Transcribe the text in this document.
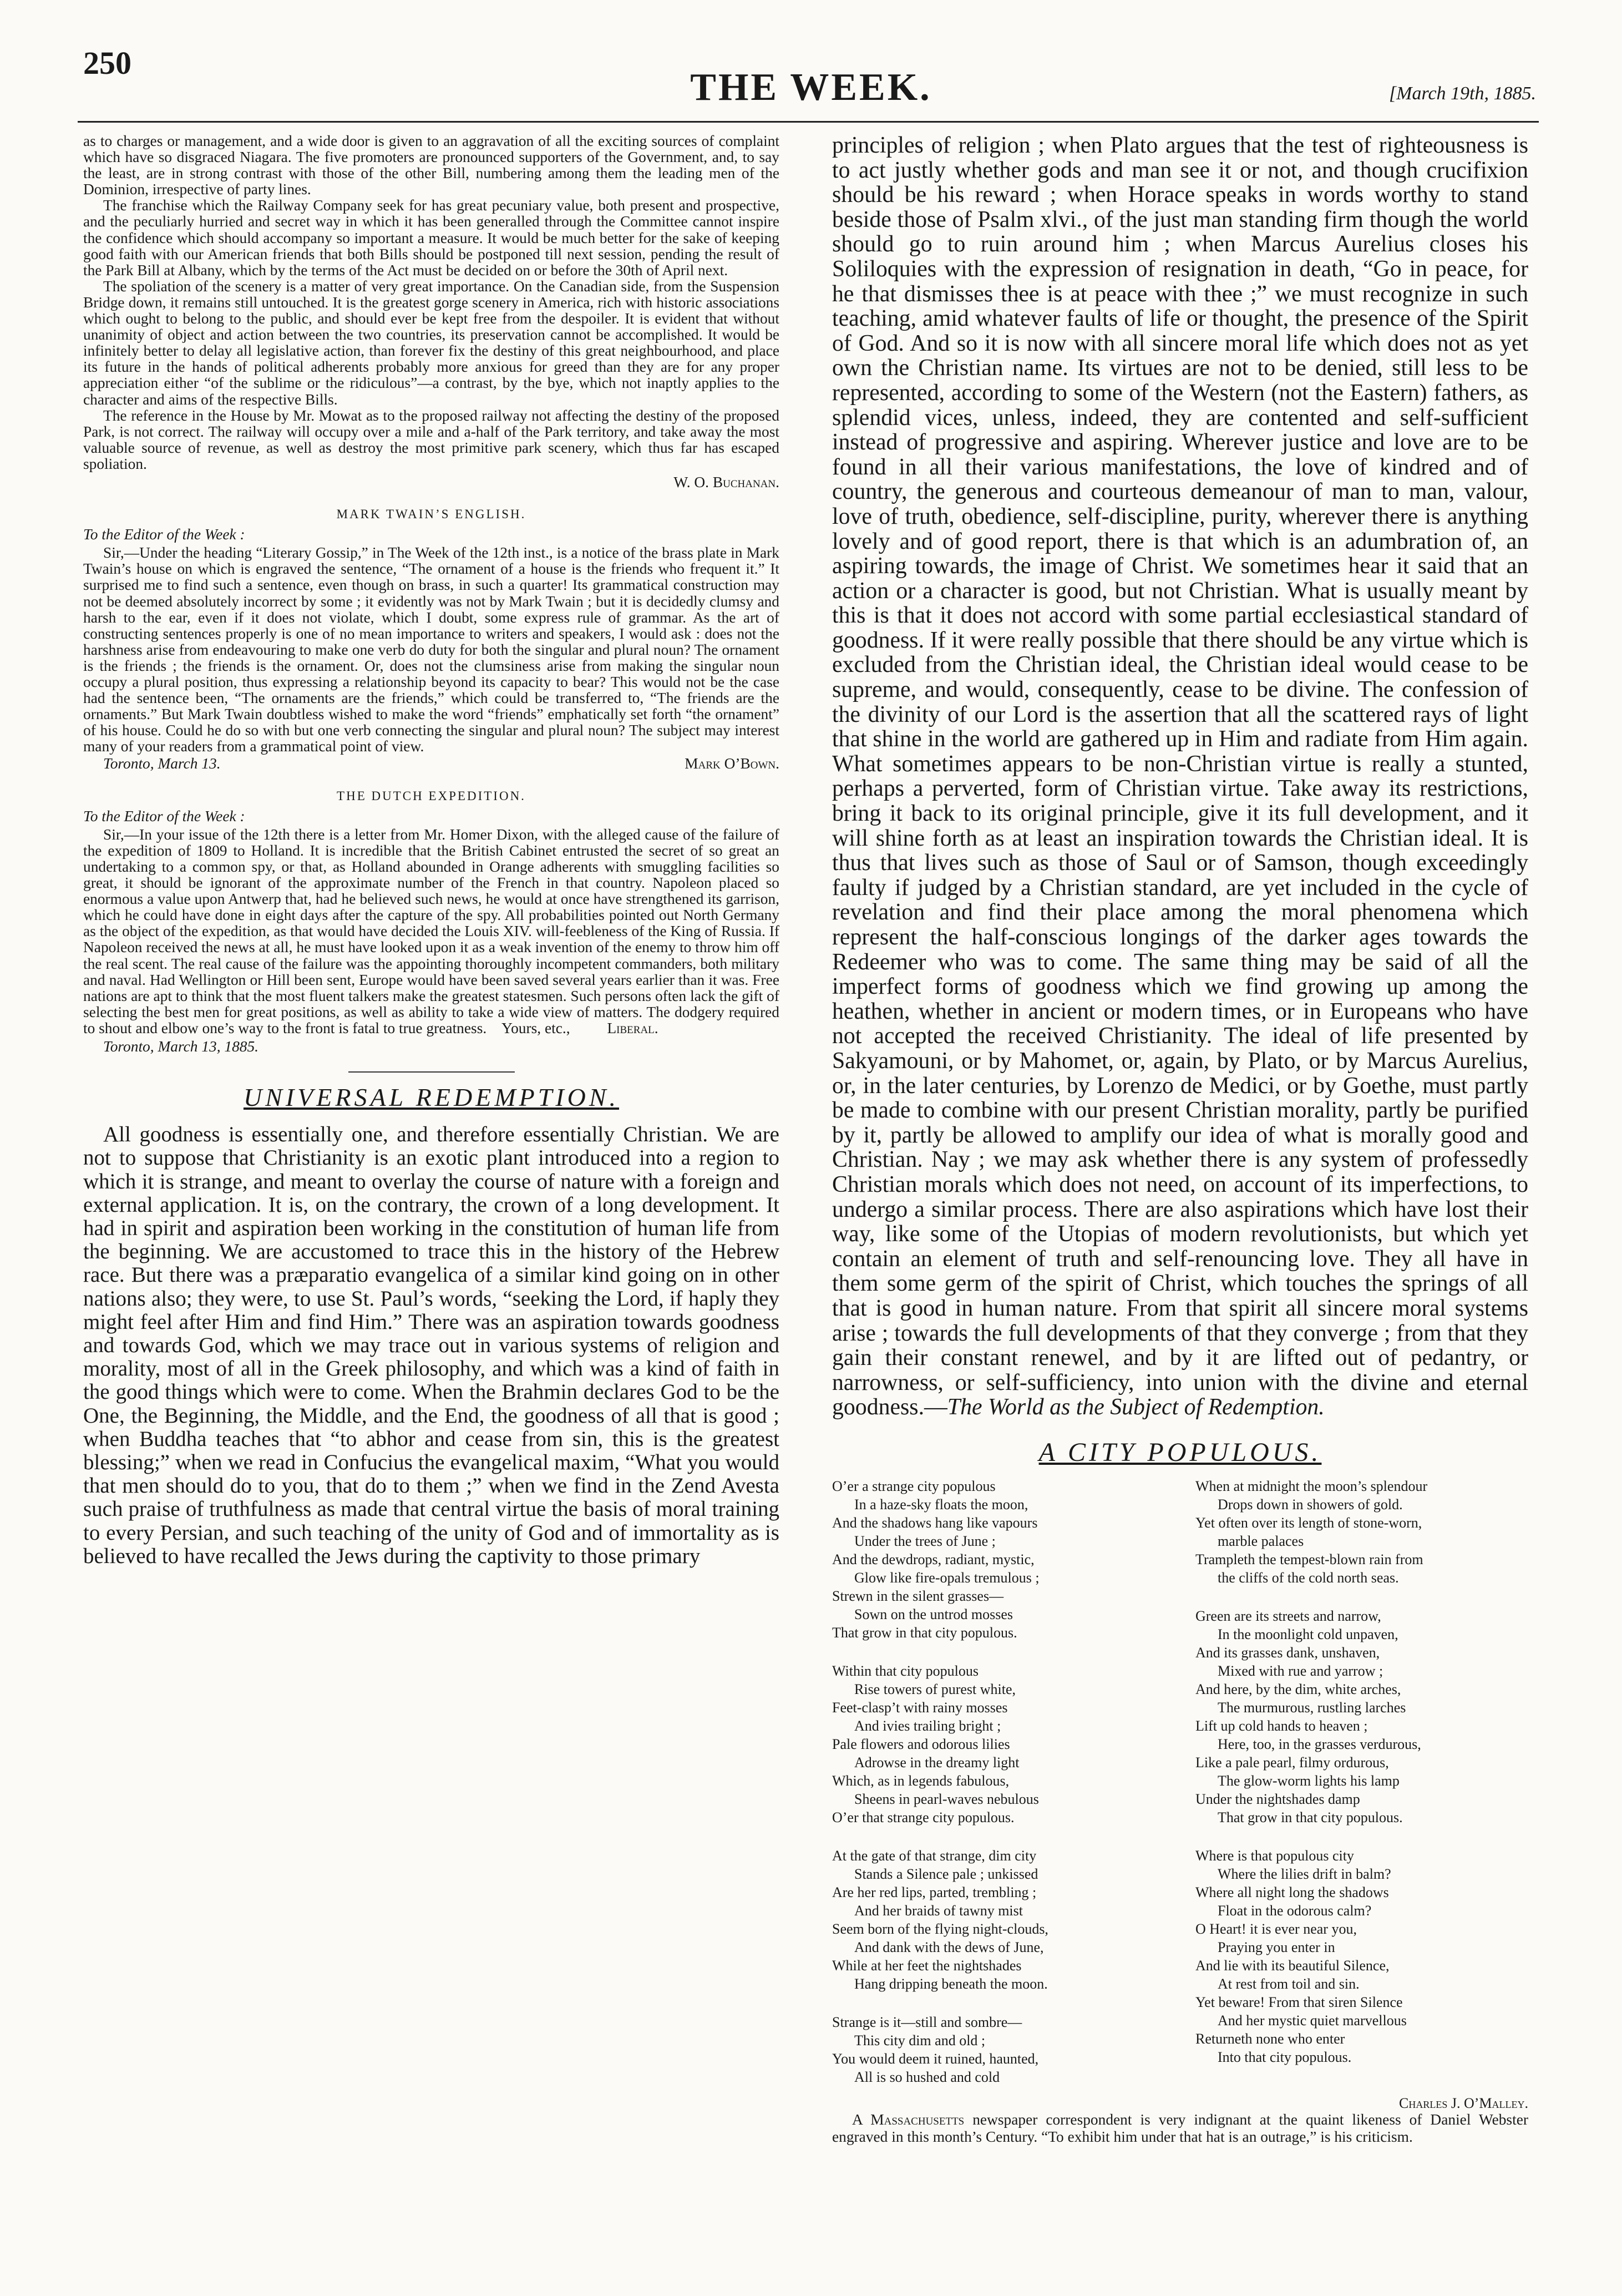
250
THE WEEK.	[March 19th, 1885.

as to charges or management, and a wide door is given to an aggravation of all the exciting sources of complaint which have so disgraced Niagara. The five promoters are pronounced supporters of the Government, and, to say the least, are in strong contrast with those of the other Bill, numbering among them the leading men of the Dominion, irrespective of party lines.

The franchise which the Railway Company seek for has great pecuniary value, both present and prospective, and the peculiarly hurried and secret way in which it has been generalled through the Committee cannot inspire the confidence which should accompany so important a measure. It would be much better for the sake of keeping good faith with our American friends that both Bills should be postponed till next session, pending the result of the Park Bill at Albany, which by the terms of the Act must be decided on or before the 30th of April next.

The spoliation of the scenery is a matter of very great importance. On the Canadian side, from the Suspension Bridge down, it remains still untouched. It is the greatest gorge scenery in America, rich with historic associations which ought to belong to the public, and should ever be kept free from the despoiler. It is evident that without unanimity of object and action between the two countries, its preservation cannot be accomplished. It would be infinitely better to delay all legislative action, than forever fix the destiny of this great neighbourhood, and place its future in the hands of political adherents probably more anxious for greed than they are for any proper appreciation either “of the sublime or the ridiculous”—a contrast, by the bye, which not inaptly applies to the character and aims of the respective Bills.

The reference in the House by Mr. Mowat as to the proposed railway not affecting the destiny of the proposed Park, is not correct. The railway will occupy over a mile and a-half of the Park territory, and take away the most valuable source of revenue, as well as destroy the most primitive park scenery, which thus far has escaped spoliation.

W. O. Buchanan.
MARK TWAIN’S ENGLISH.
To the Editor of the Week :

Sir,—Under the heading “Literary Gossip,” in The Week of the 12th inst., is a notice of the brass plate in Mark Twain’s house on which is engraved the sentence, “The ornament of a house is the friends who frequent it.” It surprised me to find such a sentence, even though on brass, in such a quarter! Its grammatical construction may not be deemed absolutely incorrect by some ; it evidently was not by Mark Twain ; but it is decidedly clumsy and harsh to the ear, even if it does not violate, which I doubt, some express rule of grammar. As the art of constructing sentences properly is one of no mean importance to writers and speakers, I would ask : does not the harshness arise from endeavouring to make one verb do duty for both the singular and plural noun? The ornament is the friends ; the friends is the ornament. Or, does not the clumsiness arise from making the singular noun occupy a plural position, thus expressing a relationship beyond its capacity to bear? This would not be the case had the sentence been, “The ornaments are the friends,” which could be transferred to, “The friends are the ornaments.” But Mark Twain doubtless wished to make the word “friends” emphatically set forth “the ornament” of his house. Could he do so with but one verb connecting the singular and plural noun? The subject may interest many of your readers from a grammatical point of view.

Toronto, March 13.	Mark O’Bown.
THE DUTCH EXPEDITION.
To the Editor of the Week :

Sir,—In your issue of the 12th there is a letter from Mr. Homer Dixon, with the alleged cause of the failure of the expedition of 1809 to Holland. It is incredible that the British Cabinet entrusted the secret of so great an undertaking to a common spy, or that, as Holland abounded in Orange adherents with smuggling facilities so great, it should be ignorant of the approximate number of the French in that country. Napoleon placed so enormous a value upon Antwerp that, had he believed such news, he would at once have strengthened its garrison, which he could have done in eight days after the capture of the spy. All probabilities pointed out North Germany as the object of the expedition, as that would have decided the Louis XIV. will-feebleness of the King of Russia. If Napoleon received the news at all, he must have looked upon it as a weak invention of the enemy to throw him off the real scent. The real cause of the failure was the appointing thoroughly incompetent commanders, both military and naval. Had Wellington or Hill been sent, Europe would have been saved several years earlier than it was. Free nations are apt to think that the most fluent talkers make the greatest statesmen. Such persons often lack the gift of selecting the best men for great positions, as well as ability to take a wide view of matters. The dodgery required to shout and elbow one’s way to the front is fatal to true greatness. Yours, etc., Liberal.

Toronto, March 13, 1885.
UNIVERSAL REDEMPTION.

All goodness is essentially one, and therefore essentially Christian. We are not to suppose that Christianity is an exotic plant introduced into a region to which it is strange, and meant to overlay the course of nature with a foreign and external application. It is, on the contrary, the crown of a long development. It had in spirit and aspiration been working in the constitution of human life from the beginning. We are accustomed to trace this in the history of the Hebrew race. But there was a præparatio evangelica of a similar kind going on in other nations also; they were, to use St. Paul’s words, “seeking the Lord, if haply they might feel after Him and find Him.” There was an aspiration towards goodness and towards God, which we may trace out in various systems of religion and morality, most of all in the Greek philosophy, and which was a kind of faith in the good things which were to come. When the Brahmin declares God to be the One, the Beginning, the Middle, and the End, the goodness of all that is good ; when Buddha teaches that “to abhor and cease from sin, this is the greatest blessing;” when we read in Confucius the evangelical maxim, “What you would that men should do to you, that do to them ;” when we find in the Zend Avesta such praise of truthfulness as made that central virtue the basis of moral training to every Persian, and such teaching of the unity of God and of immortality as is believed to have recalled the Jews during the captivity to those primary

principles of religion ; when Plato argues that the test of righteousness is to act justly whether gods and man see it or not, and though crucifixion should be his reward ; when Horace speaks in words worthy to stand beside those of Psalm xlvi., of the just man standing firm though the world should go to ruin around him ; when Marcus Aurelius closes his Soliloquies with the expression of resignation in death, “Go in peace, for he that dismisses thee is at peace with thee ;” we must recognize in such teaching, amid whatever faults of life or thought, the presence of the Spirit of God. And so it is now with all sincere moral life which does not as yet own the Christian name. Its virtues are not to be denied, still less to be represented, according to some of the Western (not the Eastern) fathers, as splendid vices, unless, indeed, they are contented and self-sufficient instead of progressive and aspiring. Wherever justice and love are to be found in all their various manifestations, the love of kindred and of country, the generous and courteous demeanour of man to man, valour, love of truth, obedience, self-discipline, purity, wherever there is anything lovely and of good report, there is that which is an adumbration of, an aspiring towards, the image of Christ. We sometimes hear it said that an action or a character is good, but not Christian. What is usually meant by this is that it does not accord with some partial ecclesiastical standard of goodness. If it were really possible that there should be any virtue which is excluded from the Christian ideal, the Christian ideal would cease to be supreme, and would, consequently, cease to be divine. The confession of the divinity of our Lord is the assertion that all the scattered rays of light that shine in the world are gathered up in Him and radiate from Him again. What sometimes appears to be non-Christian virtue is really a stunted, perhaps a perverted, form of Christian virtue. Take away its restrictions, bring it back to its original principle, give it its full development, and it will shine forth as at least an inspiration towards the Christian ideal. It is thus that lives such as those of Saul or of Samson, though exceedingly faulty if judged by a Christian standard, are yet included in the cycle of revelation and find their place among the moral phenomena which represent the half-conscious longings of the darker ages towards the Redeemer who was to come. The same thing may be said of all the imperfect forms of goodness which we find growing up among the heathen, whether in ancient or modern times, or in Europeans who have not accepted the received Christianity. The ideal of life presented by Sakyamouni, or by Mahomet, or, again, by Plato, or by Marcus Aurelius, or, in the later centuries, by Lorenzo de Medici, or by Goethe, must partly be made to combine with our present Christian morality, partly be purified by it, partly be allowed to amplify our idea of what is morally good and Christian. Nay ; we may ask whether there is any system of professedly Christian morals which does not need, on account of its imperfections, to undergo a similar process. There are also aspirations which have lost their way, like some of the Utopias of modern revolutionists, but which yet contain an element of truth and self-renouncing love. They all have in them some germ of the spirit of Christ, which touches the springs of all that is good in human nature. From that spirit all sincere moral systems arise ; towards the full developments of that they converge ; from that they gain their constant renewel, and by it are lifted out of pedantry, or narrowness, or self-sufficiency, into union with the divine and eternal goodness.—The World as the Subject of Redemption.

A CITY POPULOUS.
O’er a strange city populous
In a haze-sky floats the moon,
And the shadows hang like vapours
Under the trees of June ;
And the dewdrops, radiant, mystic,
Glow like fire-opals tremulous ;
Strewn in the silent grasses—
Sown on the untrod mosses
That grow in that city populous.
Within that city populous
Rise towers of purest white,
Feet-clasp’t with rainy mosses
And ivies trailing bright ;
Pale flowers and odorous lilies
Adrowse in the dreamy light
Which, as in legends fabulous,
Sheens in pearl-waves nebulous
O’er that strange city populous.
At the gate of that strange, dim city
Stands a Silence pale ; unkissed
Are her red lips, parted, trembling ;
And her braids of tawny mist
Seem born of the flying night-clouds,
And dank with the dews of June,
While at her feet the nightshades
Hang dripping beneath the moon.
Strange is it—still and sombre—
This city dim and old ;
You would deem it ruined, haunted,
All is so hushed and cold
When at midnight the moon’s splendour
Drops down in showers of gold.
Yet often over its length of stone-worn,
marble palaces
Trampleth the tempest-blown rain from
the cliffs of the cold north seas.
Green are its streets and narrow,
In the moonlight cold unpaven,
And its grasses dank, unshaven,
Mixed with rue and yarrow ;
And here, by the dim, white arches,
The murmurous, rustling larches
Lift up cold hands to heaven ;
Here, too, in the grasses verdurous,
Like a pale pearl, filmy ordurous,
The glow-worm lights his lamp
Under the nightshades damp
That grow in that city populous.
Where is that populous city
Where the lilies drift in balm?
Where all night long the shadows
Float in the odorous calm?
O Heart! it is ever near you,
Praying you enter in
And lie with its beautiful Silence,
At rest from toil and sin.
Yet beware! From that siren Silence
And her mystic quiet marvellous
Returneth none who enter
Into that city populous.
Charles J. O’Malley.

A Massachusetts newspaper correspondent is very indignant at the quaint likeness of Daniel Webster engraved in this month’s Century. “To exhibit him under that hat is an outrage,” is his criticism.
